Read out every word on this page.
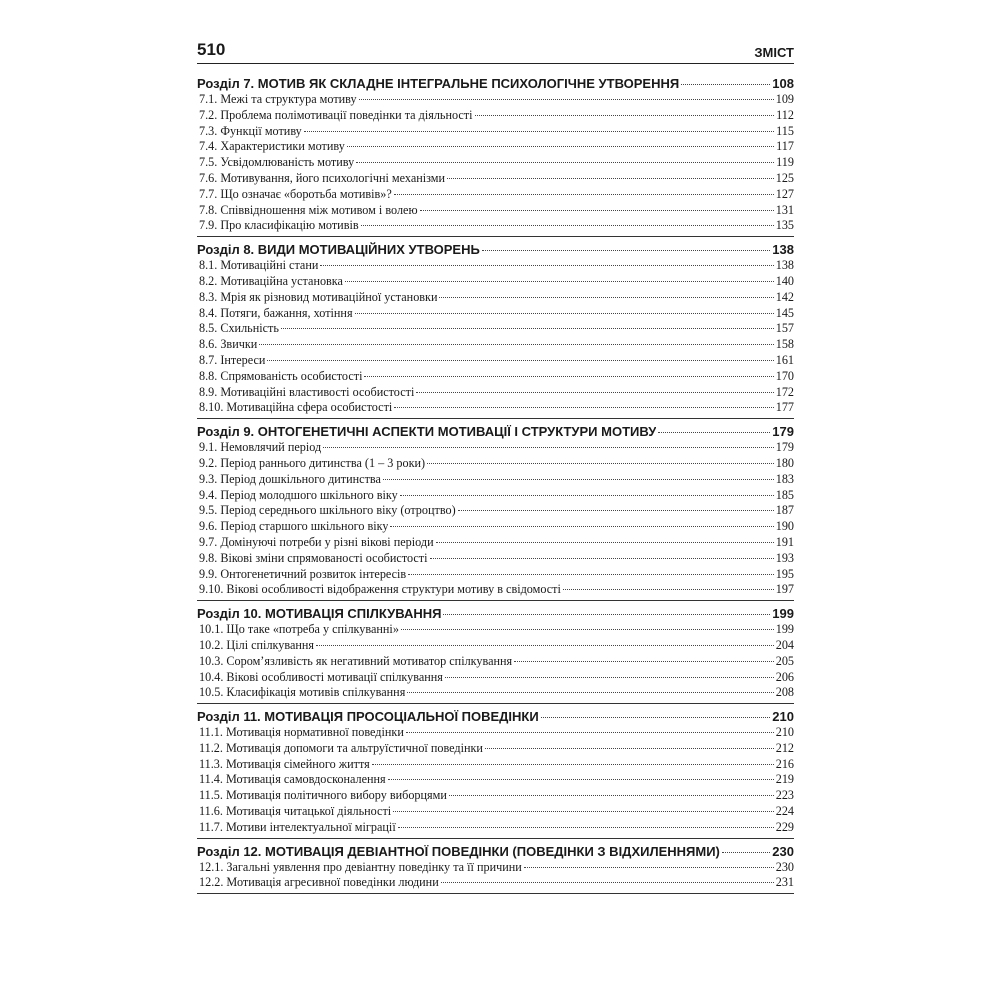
510	ЗМІСТ
Розділ 7. МОТИВ ЯК СКЛАДНЕ ІНТЕГРАЛЬНЕ ПСИХОЛОГІЧНЕ УТВОРЕННЯ	108
7.1. Межі та структура мотиву	109
7.2. Проблема полімотивації поведінки та діяльності	112
7.3. Функції мотиву	115
7.4. Характеристики мотиву	117
7.5. Усвідомлюваність мотиву	119
7.6. Мотивування, його психологічні механізми	125
7.7. Що означає «боротьба мотивів»?	127
7.8. Співвідношення між мотивом і волею	131
7.9. Про класифікацію мотивів	135
Розділ 8. ВИДИ МОТИВАЦІЙНИХ УТВОРЕНЬ	138
8.1. Мотиваційні стани	138
8.2. Мотиваційна установка	140
8.3. Мрія як різновид мотиваційної установки	142
8.4. Потяги, бажання, хотіння	145
8.5. Схильність	157
8.6. Звички	158
8.7. Інтереси	161
8.8. Спрямованість особистості	170
8.9. Мотиваційні властивості особистості	172
8.10. Мотиваційна сфера особистості	177
Розділ 9. ОНТОГЕНЕТИЧНІ АСПЕКТИ МОТИВАЦІЇ І СТРУКТУРИ МОТИВУ	179
9.1. Немовлячий період	179
9.2. Період раннього дитинства (1 – 3 роки)	180
9.3. Період дошкільного дитинства	183
9.4. Період молодшого шкільного віку	185
9.5. Період середнього шкільного віку (отроцтво)	187
9.6. Період старшого шкільного віку	190
9.7. Домінуючі потреби у різні вікові періоди	191
9.8. Вікові зміни спрямованості особистості	193
9.9. Онтогенетичний розвиток інтересів	195
9.10. Вікові особливості відображення структури мотиву в свідомості	197
Розділ 10. МОТИВАЦІЯ СПІЛКУВАННЯ	199
10.1. Що таке «потреба у спілкуванні»	199
10.2. Цілі спілкування	204
10.3. Сором’язливість як негативний мотиватор спілкування	205
10.4. Вікові особливості мотивації спілкування	206
10.5. Класифікація мотивів спілкування	208
Розділ 11. МОТИВАЦІЯ ПРОСОЦІАЛЬНОЇ ПОВЕДІНКИ	210
11.1. Мотивація нормативної поведінки	210
11.2. Мотивація допомоги та альтруїстичної поведінки	212
11.3. Мотивація сімейного життя	216
11.4. Мотивація самовдосконалення	219
11.5. Мотивація політичного вибору виборцями	223
11.6. Мотивація читацької діяльності	224
11.7. Мотиви інтелектуальної міграції	229
Розділ 12. МОТИВАЦІЯ ДЕВІАНТНОЇ ПОВЕДІНКИ (ПОВЕДІНКИ З ВІДХИЛЕННЯМИ)	230
12.1. Загальні уявлення про девіантну поведінку та її причини	230
12.2. Мотивація агресивної поведінки людини	231
